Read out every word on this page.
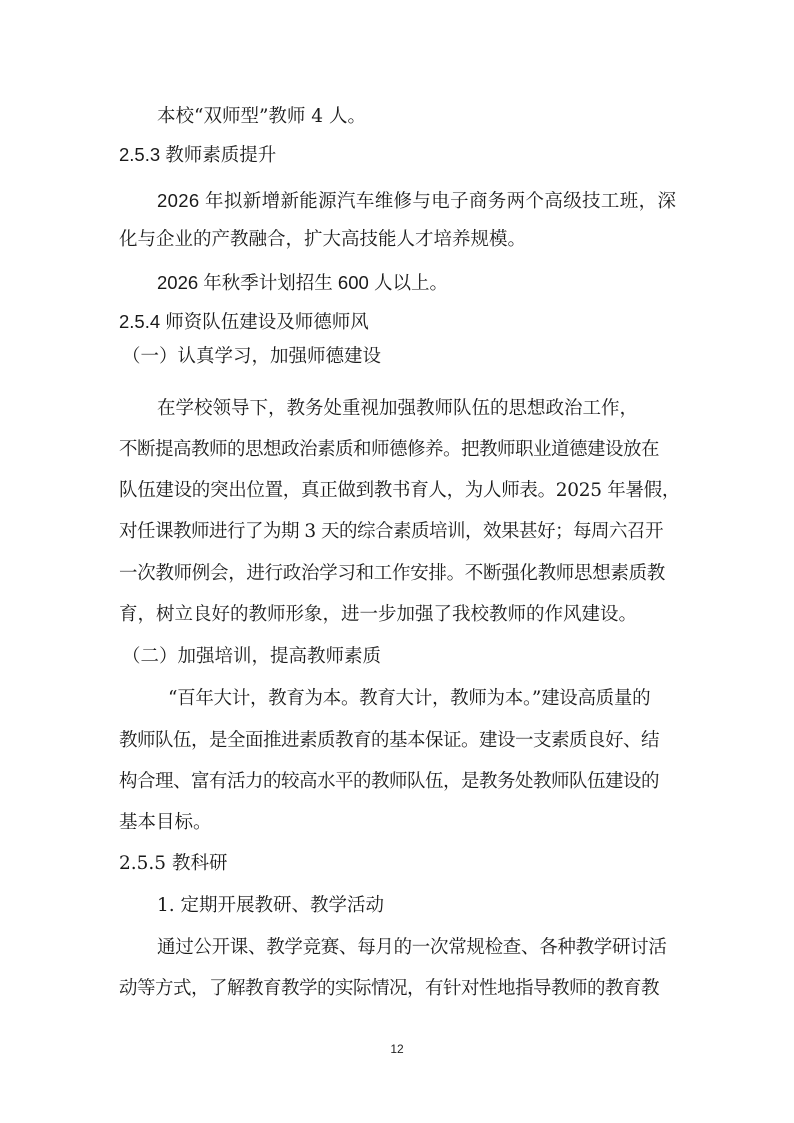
本校“双师型”教师 4 人。
2.5.3 教师素质提升
2026 年拟新增新能源汽车维修与电子商务两个高级技工班，深
化与企业的产教融合，扩大高技能人才培养规模。
2026 年秋季计划招生 600 人以上。
2.5.4 师资队伍建设及师德师风
（一）认真学习，加强师德建设
在学校领导下，教务处重视加强教师队伍的思想政治工作，
不断提高教师的思想政治素质和师德修养。把教师职业道德建设放在
队伍建设的突出位置，真正做到教书育人，为人师表。2025 年暑假，
对任课教师进行了为期 3 天的综合素质培训，效果甚好；每周六召开
一次教师例会，进行政治学习和工作安排。不断强化教师思想素质教
育，树立良好的教师形象，进一步加强了我校教师的作风建设。
（二）加强培训，提高教师素质
“百年大计，教育为本。教育大计，教师为本。”建设高质量的
教师队伍，是全面推进素质教育的基本保证。建设一支素质良好、结
构合理、富有活力的较高水平的教师队伍，是教务处教师队伍建设的
基本目标。
2.5.5 教科研
1. 定期开展教研、教学活动
通过公开课、教学竞赛、每月的一次常规检查、各种教学研讨活
动等方式，了解教育教学的实际情况，有针对性地指导教师的教育教
12
